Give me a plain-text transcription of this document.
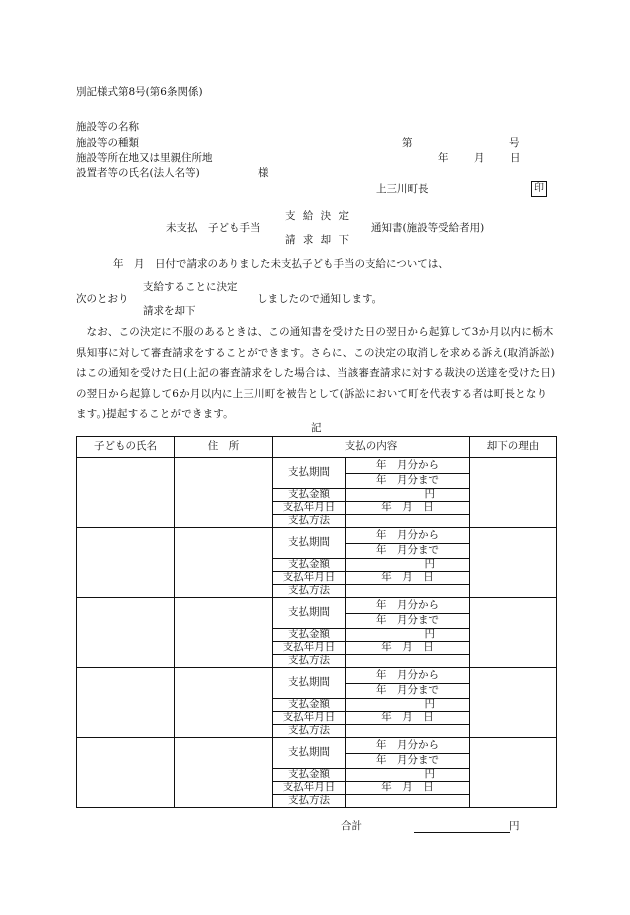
別記様式第8号(第6条関係)
施設等の名称
施設等の種類
施設等所在地又は里親住所地
設置者等の氏名(法人名等)	様
第	号
年 月 日
上三川町長	印
未支払　子ども手当
支 給 決 定
請 求 却 下
通知書(施設等受給者用)
年　月　日付で請求のありました未支払子ども手当の支給については、
次のとおり
支給することに決定
請求を却下
しましたので通知します。
なお、この決定に不服のあるときは、この通知書を受けた日の翌日から起算して3か月以内に栃木県知事に対して審査請求をすることができます。さらに、この決定の取消しを求める訴え(取消訴訟)はこの通知を受けた日(上記の審査請求をした場合は、当該審査請求に対する裁決の送達を受けた日)の翌日から起算して6か月以内に上三川町を被告として(訴訟において町を代表する者は町長となります。)提起することができます。
記
子どもの氏名	住　所	支払の内容		却下の理由
		支払期間	年　月分から	
			年　月分まで	
		支払金額	円	
		支払年月日	年　月　日	
		支払方法		
		支払期間	年　月分から	
			年　月分まで	
		支払金額	円	
		支払年月日	年　月　日	
		支払方法		
		支払期間	年　月分から	
			年　月分まで	
		支払金額	円	
		支払年月日	年　月　日	
		支払方法		
		支払期間	年　月分から	
			年　月分まで	
		支払金額	円	
		支払年月日	年　月　日	
		支払方法		
		支払期間	年　月分から	
			年　月分まで	
		支払金額	円	
		支払年月日	年　月　日	
		支払方法		
合計	円
